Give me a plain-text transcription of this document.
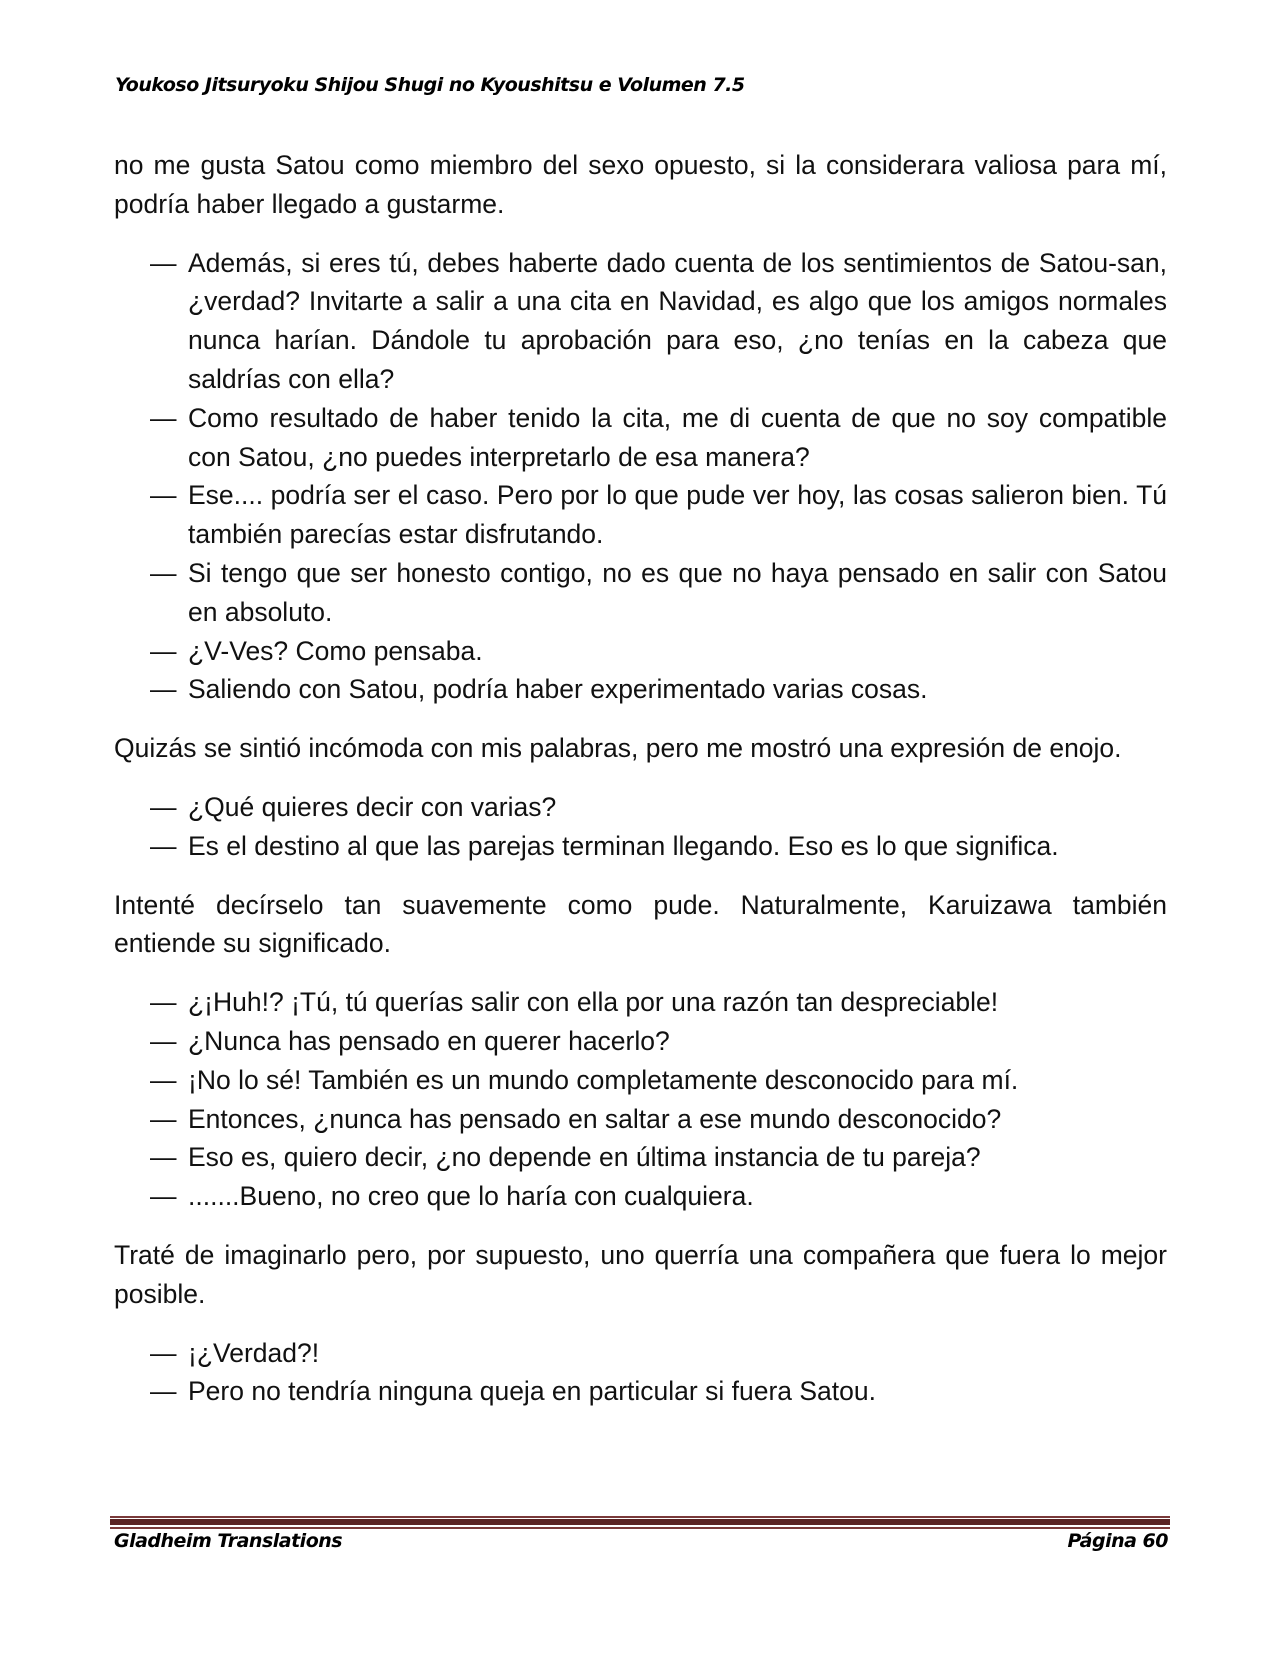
Youkoso Jitsuryoku Shijou Shugi no Kyoushitsu e Volumen 7.5

no me gusta Satou como miembro del sexo opuesto, si la considerara valiosa para mí, podría haber llegado a gustarme.

— Además, si eres tú, debes haberte dado cuenta de los sentimientos de Satou-san, ¿verdad? Invitarte a salir a una cita en Navidad, es algo que los amigos normales nunca harían. Dándole tu aprobación para eso, ¿no tenías en la cabeza que saldrías con ella?
— Como resultado de haber tenido la cita, me di cuenta de que no soy compatible con Satou, ¿no puedes interpretarlo de esa manera?
— Ese.... podría ser el caso. Pero por lo que pude ver hoy, las cosas salieron bien. Tú también parecías estar disfrutando.
— Si tengo que ser honesto contigo, no es que no haya pensado en salir con Satou en absoluto.
— ¿V-Ves? Como pensaba.
— Saliendo con Satou, podría haber experimentado varias cosas.

Quizás se sintió incómoda con mis palabras, pero me mostró una expresión de enojo.

— ¿Qué quieres decir con varias?
— Es el destino al que las parejas terminan llegando. Eso es lo que significa.

Intenté decírselo tan suavemente como pude. Naturalmente, Karuizawa también entiende su significado.

— ¿¡Huh!? ¡Tú, tú querías salir con ella por una razón tan despreciable!
— ¿Nunca has pensado en querer hacerlo?
— ¡No lo sé! También es un mundo completamente desconocido para mí.
— Entonces, ¿nunca has pensado en saltar a ese mundo desconocido?
— Eso es, quiero decir, ¿no depende en última instancia de tu pareja?
— .......Bueno, no creo que lo haría con cualquiera.

Traté de imaginarlo pero, por supuesto, uno querría una compañera que fuera lo mejor posible.

— ¡¿Verdad?!
— Pero no tendría ninguna queja en particular si fuera Satou.
Gladheim Translations	Página 60
